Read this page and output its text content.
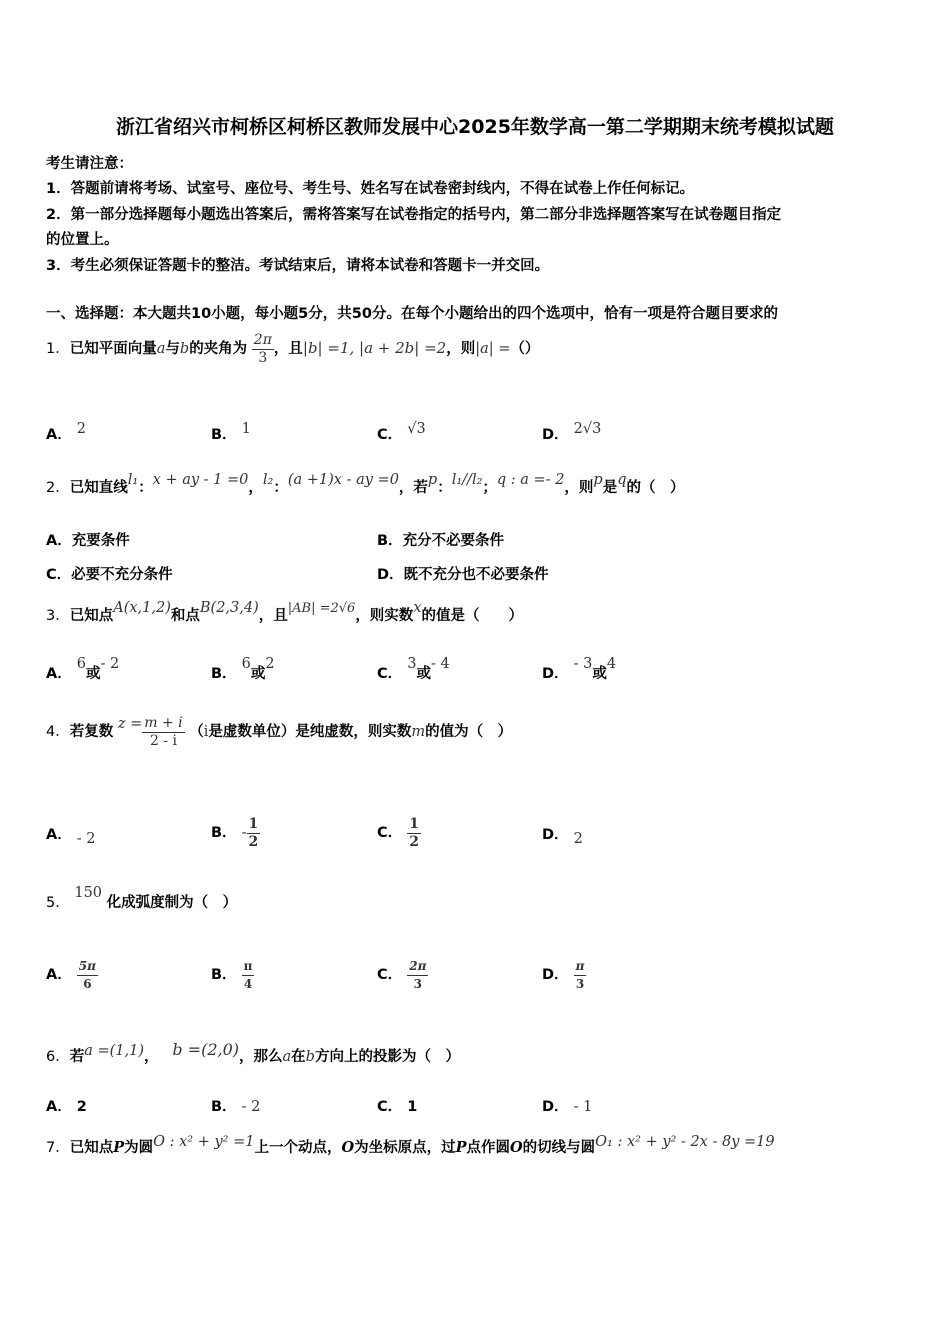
浙江省绍兴市柯桥区柯桥区教师发展中心2025年数学高一第二学期期末统考模拟试题
考生请注意：
1．答题前请将考场、试室号、座位号、考生号、姓名写在试卷密封线内，不得在试卷上作任何标记。
2．第一部分选择题每小题选出答案后，需将答案写在试卷指定的括号内，第二部分非选择题答案写在试卷题目指定
的位置上。
3．考生必须保证答题卡的整洁。考试结束后，请将本试卷和答题卡一并交回。
一、选择题：本大题共10小题，每小题5分，共50分。在每个小题给出的四个选项中，恰有一项是符合题目要求的
1．已知平面向量a与b的夹角为 $\frac{2\pi}{3}$ ，且|b| =1, |a + 2b| =2，则|a| =（）
A． 2	B． 1	C． √3	D． 2√3
2．已知直线l₁：x + ay - 1 =0，l₂：(a +1)x - ay =0，若p：l₁//l₂；q : a =- 2，则p是q的（　）
A．充要条件	B．充分不必要条件
C．必要不充分条件	D．既不充分也不必要条件
3．已知点A(x,1,2)和点B(2,3,4)，且|AB| =2√6，则实数x的值是（　　）
A． 6或- 2
B． 6或2
C． 3或- 4
D． - 3或4
4．若复数 $z = \frac{m + i}{2 - i} (i$是虚数单位）是纯虚数，则实数m的值为（　）
A． - 2	B． - $\frac{1}{2}$	C． $\frac{1}{2}$	D． 2
5． 150 化成弧度制为（　）
A． $\frac{5\pi}{6}$	B． $\frac{\pi}{4}$	C． $\frac{2\pi}{3}$	D． $\frac{\pi}{3}$
6．若a =(1,1)， b =(2,0)，那么a在b方向上的投影为（　）
A． 2	B． - 2	C． 1	D． - 1
7．已知点P为圆O : x² + y² =1上一个动点，O为坐标原点，过P点作圆O的切线与圆O₁ : x² + y² - 2x - 8y =19
